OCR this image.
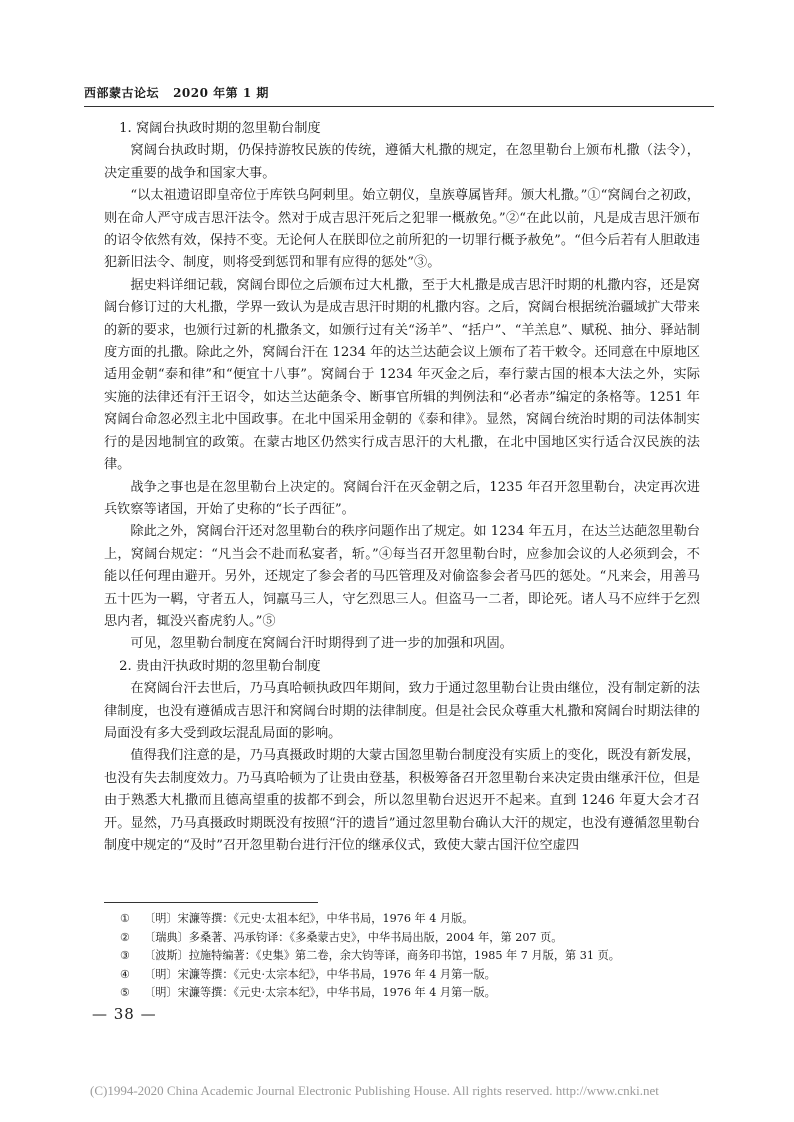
西部蒙古论坛 2020 年第 1 期

1. 窝阔台执政时期的忽里勒台制度

窝阔台执政时期，仍保持游牧民族的传统，遵循大札撒的规定，在忽里勒台上颁布札撒（法令），决定重要的战争和国家大事。

“以太祖遗诏即皇帝位于库铁乌阿剌里。始立朝仪，皇族尊属皆拜。颁大札撒。”①“窝阔台之初政，则在命人严守成吉思汗法令。然对于成吉思汗死后之犯罪一概赦免。”②“在此以前，凡是成吉思汗颁布的诏令依然有效，保持不变。无论何人在朕即位之前所犯的一切罪行概予赦免”。“但今后若有人胆敢违犯新旧法令、制度，则将受到惩罚和罪有应得的惩处”③。

据史料详细记载，窝阔台即位之后颁布过大札撒，至于大札撒是成吉思汗时期的札撒内容，还是窝阔台修订过的大札撒，学界一致认为是成吉思汗时期的札撒内容。之后，窝阔台根据统治疆域扩大带来的新的要求，也颁行过新的札撒条文，如颁行过有关“汤羊”、“括户”、“羊羔息”、赋税、抽分、驿站制度方面的扎撒。除此之外，窝阔台汗在 1234 年的达兰达葩会议上颁布了若干敕令。还同意在中原地区适用金朝“泰和律”和“便宜十八事”。窝阔台于 1234 年灭金之后，奉行蒙古国的根本大法之外，实际实施的法律还有汗王诏令，如达兰达葩条令、断事官所辑的判例法和“必者赤”编定的条格等。1251 年窝阔台命忽必烈主北中国政事。在北中国采用金朝的《泰和律》。显然，窝阔台统治时期的司法体制实行的是因地制宜的政策。在蒙古地区仍然实行成吉思汗的大札撒，在北中国地区实行适合汉民族的法律。

战争之事也是在忽里勒台上决定的。窝阔台汗在灭金朝之后，1235 年召开忽里勒台，决定再次进兵钦察等诸国，开始了史称的“长子西征”。

除此之外，窝阔台汗还对忽里勒台的秩序问题作出了规定。如 1234 年五月，在达兰达葩忽里勒台上，窝阔台规定：“凡当会不赴而私宴者，斩。”④每当召开忽里勒台时，应参加会议的人必须到会，不能以任何理由避开。另外，还规定了参会者的马匹管理及对偷盗参会者马匹的惩处。“凡来会，用善马五十匹为一羁，守者五人，饲羸马三人，守乞烈思三人。但盗马一二者，即论死。诸人马不应绊于乞烈思内者，辄没兴畜虎豹人。”⑤

可见，忽里勒台制度在窝阔台汗时期得到了进一步的加强和巩固。

2. 贵由汗执政时期的忽里勒台制度

在窝阔台汗去世后，乃马真哈顿执政四年期间，致力于通过忽里勒台让贵由继位，没有制定新的法律制度，也没有遵循成吉思汗和窝阔台时期的法律制度。但是社会民众尊重大札撒和窝阔台时期法律的局面没有多大受到政坛混乱局面的影响。

值得我们注意的是，乃马真摄政时期的大蒙古国忽里勒台制度没有实质上的变化，既没有新发展，也没有失去制度效力。乃马真哈顿为了让贵由登基，积极筹备召开忽里勒台来决定贵由继承汗位，但是由于熟悉大札撒而且德高望重的拔都不到会，所以忽里勒台迟迟开不起来。直到 1246 年夏大会才召开。显然，乃马真摄政时期既没有按照“汗的遗旨”通过忽里勒台确认大汗的规定，也没有遵循忽里勒台制度中规定的“及时”召开忽里勒台进行汗位的继承仪式，致使大蒙古国汗位空虚四

① 〔明〕宋濂等撰：《元史·太祖本纪》，中华书局，1976 年 4 月版。
② 〔瑞典〕多桑著、冯承钧译：《多桑蒙古史》，中华书局出版，2004 年，第 207 页。
③ 〔波斯〕拉施特编著：《史集》第二卷，余大钧等译，商务印书馆，1985 年 7 月版，第 31 页。
④ 〔明〕宋濂等撰：《元史·太宗本纪》，中华书局，1976 年 4 月第一版。
⑤ 〔明〕宋濂等撰：《元史·太宗本纪》，中华书局，1976 年 4 月第一版。
— 38 —
(C)1994-2020 China Academic Journal Electronic Publishing House. All rights reserved. http://www.cnki.net
